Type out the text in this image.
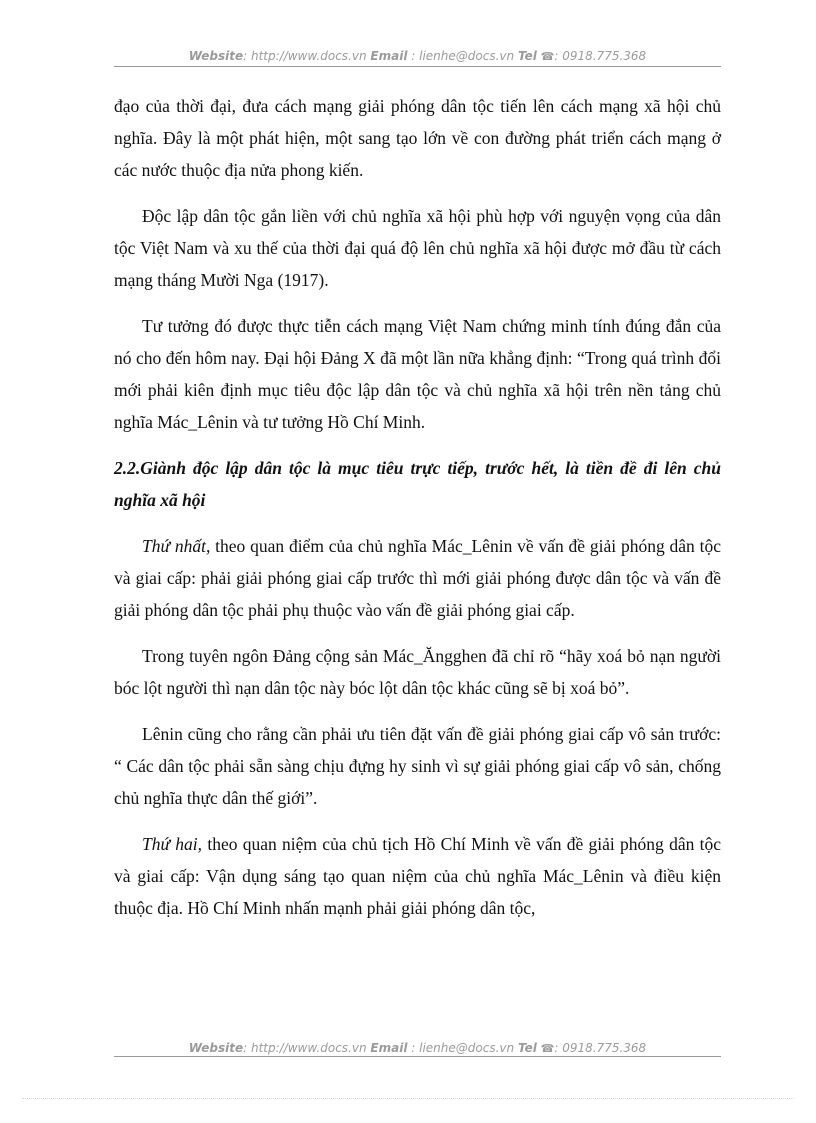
Website: http://www.docs.vn Email : lienhe@docs.vn Tel ☎: 0918.775.368

đạo của thời đại, đưa cách mạng giải phóng dân tộc tiến lên cách mạng xã hội chủ nghĩa. Đây là một phát hiện, một sang tạo lớn về con đường phát triển cách mạng ở các nước thuộc địa nửa phong kiến.

Độc lập dân tộc gắn liền với chủ nghĩa xã hội phù hợp với nguyện vọng của dân tộc Việt Nam và xu thế của thời đại quá độ lên chủ nghĩa xã hội được mở đầu từ cách mạng tháng Mười Nga (1917).

Tư tưởng đó được thực tiễn cách mạng Việt Nam chứng minh tính đúng đắn của nó cho đến hôm nay. Đại hội Đảng X đã một lần nữa khẳng định: “Trong quá trình đổi mới phải kiên định mục tiêu độc lập dân tộc và chủ nghĩa xã hội trên nền tảng chủ nghĩa Mác_Lênin và tư tưởng Hồ Chí Minh.

2.2.Giành độc lập dân tộc là mục tiêu trực tiếp, trước hết, là tiền đề đi lên chủ nghĩa xã hội

Thứ nhất, theo quan điểm của chủ nghĩa Mác_Lênin về vấn đề giải phóng dân tộc và giai cấp: phải giải phóng giai cấp trước thì mới giải phóng được dân tộc và vấn đề giải phóng dân tộc phải phụ thuộc vào vấn đề giải phóng giai cấp.

Trong tuyên ngôn Đảng cộng sản Mác_Ăngghen đã chỉ rõ “hãy xoá bỏ nạn người bóc lột người thì nạn dân tộc này bóc lột dân tộc khác cũng sẽ bị xoá bỏ”.

Lênin cũng cho rằng cần phải ưu tiên đặt vấn đề giải phóng giai cấp vô sản trước: “ Các dân tộc phải sẵn sàng chịu đựng hy sinh vì sự giải phóng giai cấp vô sản, chống chủ nghĩa thực dân thế giới”.

Thứ hai, theo quan niệm của chủ tịch Hồ Chí Minh về vấn đề giải phóng dân tộc và giai cấp: Vận dụng sáng tạo quan niệm của chủ nghĩa Mác_Lênin và điều kiện thuộc địa. Hồ Chí Minh nhấn mạnh phải giải phóng dân tộc,

Website: http://www.docs.vn Email : lienhe@docs.vn Tel ☎: 0918.775.368
